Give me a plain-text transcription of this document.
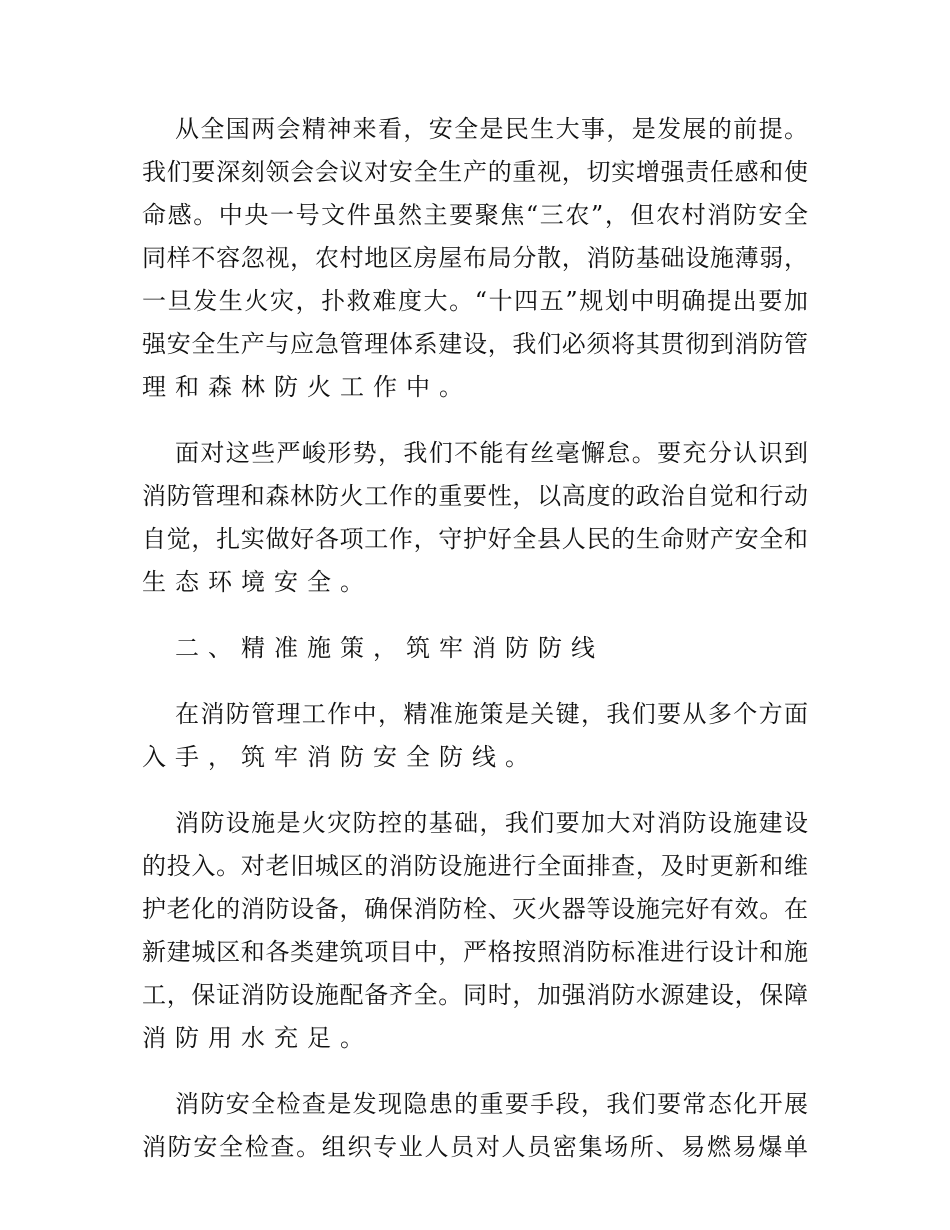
从全国两会精神来看，安全是民生大事，是发展的前提。
我们要深刻领会会议对安全生产的重视，切实增强责任感和使
命感。中央一号文件虽然主要聚焦“三农”，但农村消防安全
同样不容忽视，农村地区房屋布局分散，消防基础设施薄弱，
一旦发生火灾，扑救难度大。“十四五”规划中明确提出要加
强安全生产与应急管理体系建设，我们必须将其贯彻到消防管
理和森林防火工作中。
面对这些严峻形势，我们不能有丝毫懈怠。要充分认识到
消防管理和森林防火工作的重要性，以高度的政治自觉和行动
自觉，扎实做好各项工作，守护好全县人民的生命财产安全和
生态环境安全。
二、精准施策，筑牢消防防线
在消防管理工作中，精准施策是关键，我们要从多个方面
入手，筑牢消防安全防线。
消防设施是火灾防控的基础，我们要加大对消防设施建设
的投入。对老旧城区的消防设施进行全面排查，及时更新和维
护老化的消防设备，确保消防栓、灭火器等设施完好有效。在
新建城区和各类建筑项目中，严格按照消防标准进行设计和施
工，保证消防设施配备齐全。同时，加强消防水源建设，保障
消防用水充足。
消防安全检查是发现隐患的重要手段，我们要常态化开展
消防安全检查。组织专业人员对人员密集场所、易燃易爆单
